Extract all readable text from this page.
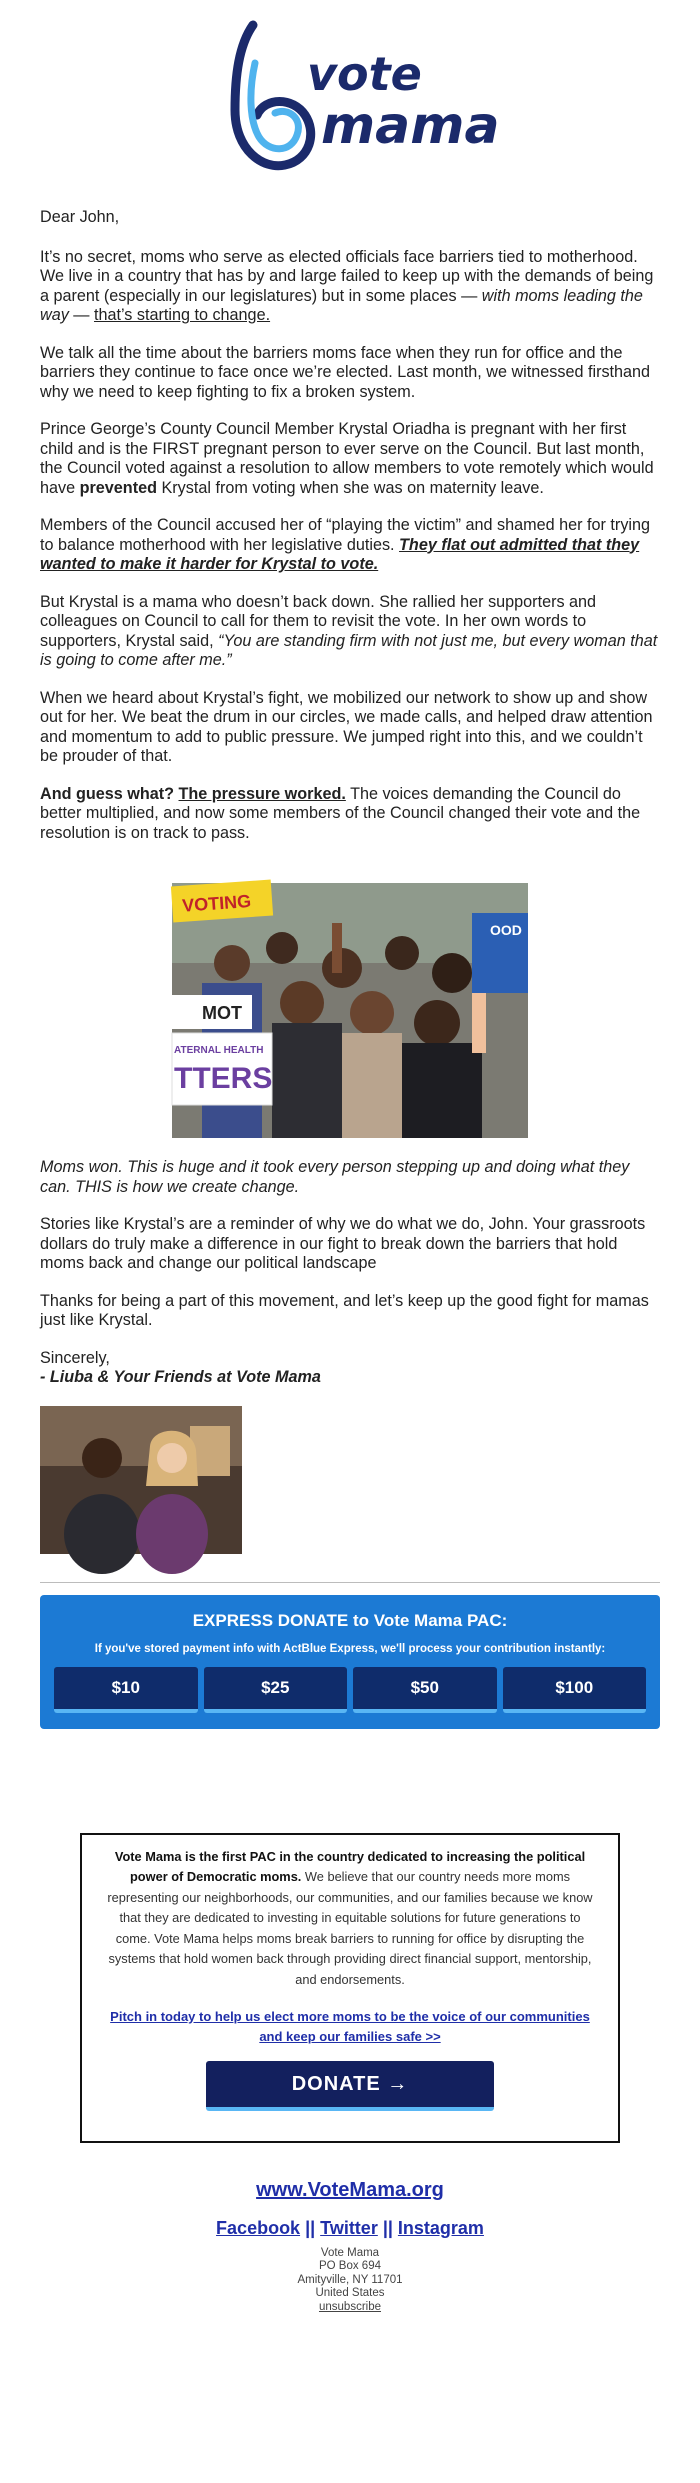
vote
mama

Dear John,

It’s no secret, moms who serve as elected officials face barriers tied to motherhood. We live in a country that has by and large failed to keep up with the demands of being a parent (especially in our legislatures) but in some places — with moms leading the way — that’s starting to change.

We talk all the time about the barriers moms face when they run for office and the barriers they continue to face once we’re elected. Last month, we witnessed firsthand why we need to keep fighting to fix a broken system.

Prince George’s County Council Member Krystal Oriadha is pregnant with her first child and is the FIRST pregnant person to ever serve on the Council. But last month, the Council voted against a resolution to allow members to vote remotely which would have prevented Krystal from voting when she was on maternity leave.

Members of the Council accused her of “playing the victim” and shamed her for trying to balance motherhood with her legislative duties. They flat out admitted that they wanted to make it harder for Krystal to vote.

But Krystal is a mama who doesn’t back down. She rallied her supporters and colleagues on Council to call for them to revisit the vote. In her own words to supporters, Krystal said, “You are standing firm with not just me, but every woman that is going to come after me.”

When we heard about Krystal’s fight, we mobilized our network to show up and show out for her. We beat the drum in our circles, we made calls, and helped draw attention and momentum to add to public pressure. We jumped right into this, and we couldn’t be prouder of that.

And guess what? The pressure worked. The voices demanding the Council do better multiplied, and now some members of the Council changed their vote and the resolution is on track to pass.

VOTING
OOD
MOT
ATERNAL HEALTH
TTERS

Moms won. This is huge and it took every person stepping up and doing what they can. THIS is how we create change.

Stories like Krystal’s are a reminder of why we do what we do, John. Your grassroots dollars do truly make a difference in our fight to break down the barriers that hold moms back and change our political landscape

Thanks for being a part of this movement, and let’s keep up the good fight for mamas just like Krystal.

Sincerely,
- Liuba & Your Friends at Vote Mama

EXPRESS DONATE to Vote Mama PAC:
If you've stored payment info with ActBlue Express, we'll process your contribution instantly:
$10	$25	$50	$100
Vote Mama is the first PAC in the country dedicated to increasing the political power of Democratic moms. We believe that our country needs more moms representing our neighborhoods, our communities, and our families because we know that they are dedicated to investing in equitable solutions for future generations to come. Vote Mama helps moms break barriers to running for office by disrupting the systems that hold women back through providing direct financial support, mentorship, and endorsements.
Pitch in today to help us elect more moms to be the voice of our communities and keep our families safe >>
DONATE →
www.VoteMama.org
Facebook || Twitter || Instagram
Vote Mama
PO Box 694
Amityville, NY 11701
United States
unsubscribe
